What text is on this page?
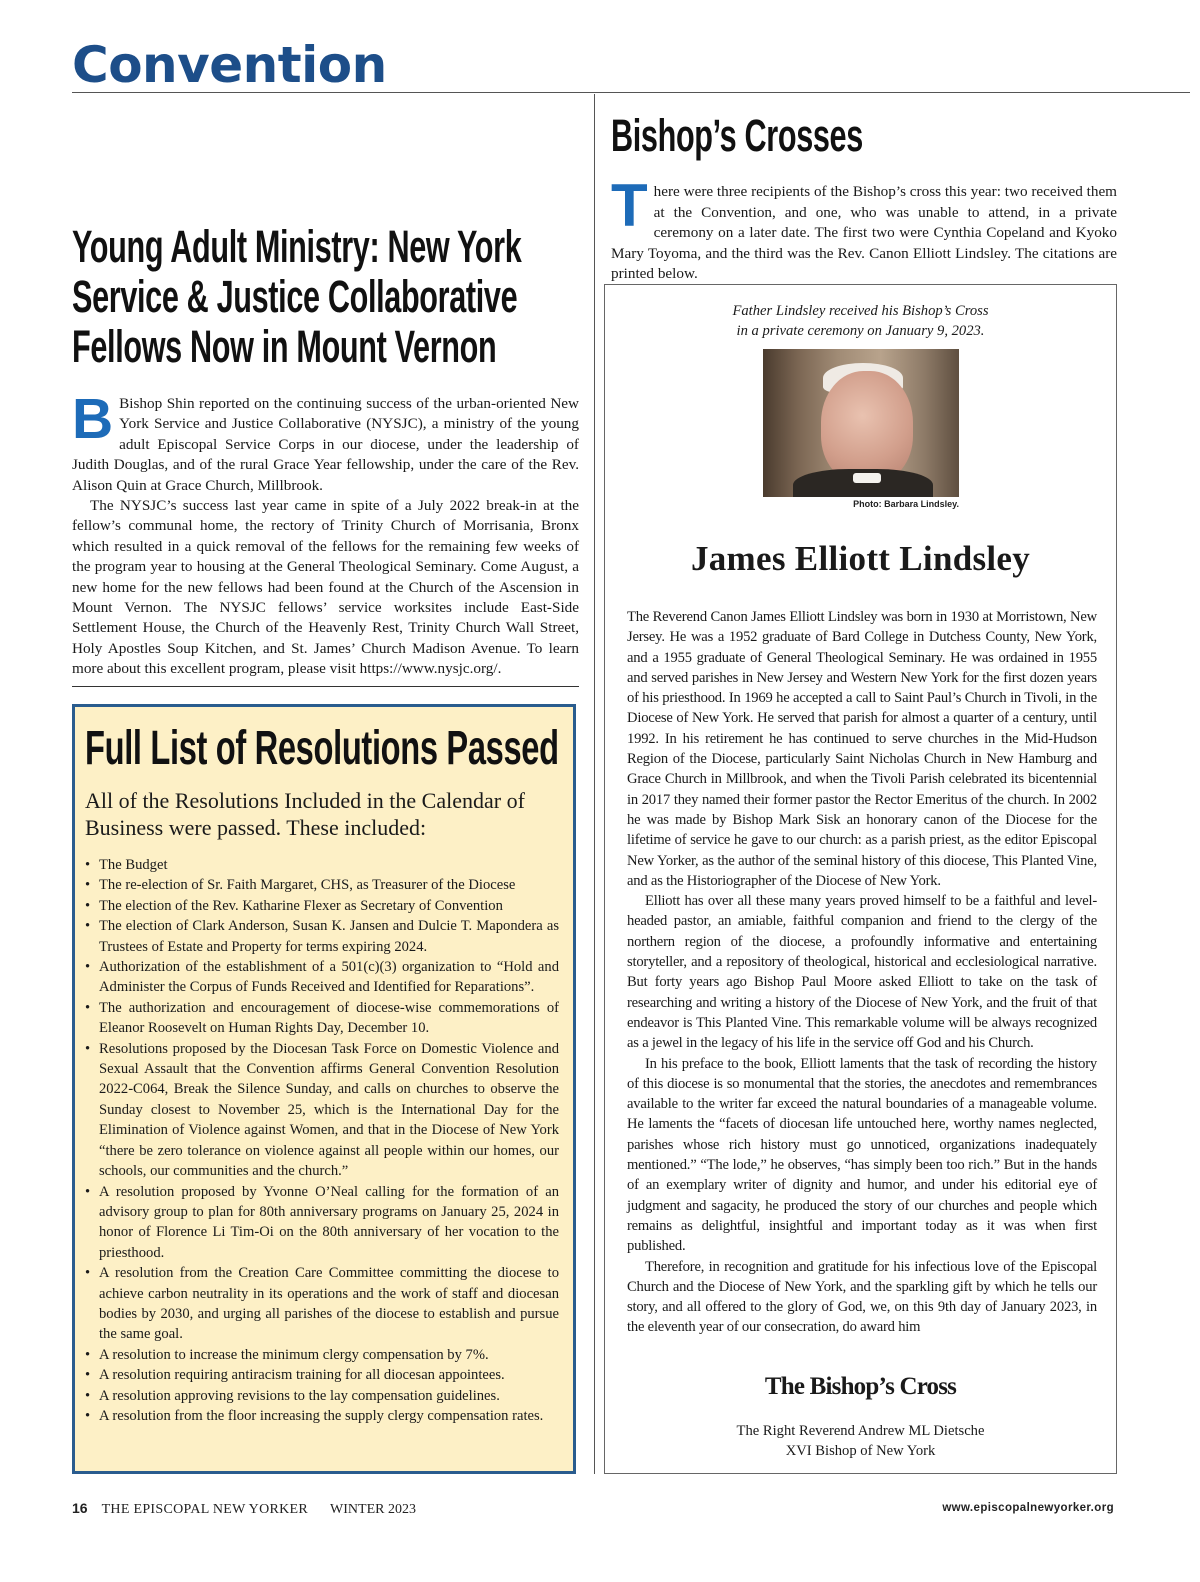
Convention
Young Adult Ministry: New York
Service & Justice Collaborative
Fellows Now in Mount Vernon

B Bishop Shin reported on the continuing success of the urban-oriented New York Service and Justice Collaborative (NYSJC), a ministry of the young adult Episcopal Service Corps in our diocese, under the leadership of Judith Douglas, and of the rural Grace Year fellowship, under the care of the Rev. Alison Quin at Grace Church, Millbrook.

The NYSJC’s success last year came in spite of a July 2022 break-in at the fellow’s communal home, the rectory of Trinity Church of Morrisania, Bronx which resulted in a quick removal of the fellows for the remaining few weeks of the program year to housing at the General Theological Seminary. Come August, a new home for the new fellows had been found at the Church of the Ascension in Mount Vernon. The NYSJC fellows’ service worksites include East-Side Settlement House, the Church of the Heavenly Rest, Trinity Church Wall Street, Holy Apostles Soup Kitchen, and St. James’ Church Madison Avenue. To learn more about this excellent program, please visit https://www.nysjc.org/.

Full List of Resolutions Passed
All of the Resolutions Included in the Calendar of Business were passed. These included:
• The Budget
• The re-election of Sr. Faith Margaret, CHS, as Treasurer of the Diocese
• The election of the Rev. Katharine Flexer as Secretary of Convention
• The election of Clark Anderson, Susan K. Jansen and Dulcie T. Mapondera as Trustees of Estate and Property for terms expiring 2024.
• Authorization of the establishment of a 501(c)(3) organization to “Hold and Administer the Corpus of Funds Received and Identified for Reparations”.
• The authorization and encouragement of diocese-wise commemorations of Eleanor Roosevelt on Human Rights Day, December 10.
• Resolutions proposed by the Diocesan Task Force on Domestic Violence and Sexual Assault that the Convention affirms General Convention Resolution 2022-C064, Break the Silence Sunday, and calls on churches to observe the Sunday closest to November 25, which is the International Day for the Elimination of Violence against Women, and that in the Diocese of New York “there be zero tolerance on violence against all people within our homes, our schools, our communities and the church.”
• A resolution proposed by Yvonne O’Neal calling for the formation of an advisory group to plan for 80th anniversary programs on January 25, 2024 in honor of Florence Li Tim-Oi on the 80th anniversary of her vocation to the priesthood.
• A resolution from the Creation Care Committee committing the diocese to achieve carbon neutrality in its operations and the work of staff and diocesan bodies by 2030, and urging all parishes of the diocese to establish and pursue the same goal.
• A resolution to increase the minimum clergy compensation by 7%.
• A resolution requiring antiracism training for all diocesan appointees.
• A resolution approving revisions to the lay compensation guidelines.
• A resolution from the floor increasing the supply clergy compensation rates.
Bishop’s Crosses

There were three recipients of the Bishop’s cross this year: two received them at the Convention, and one, who was unable to attend, in a private ceremony on a later date. The first two were Cynthia Copeland and Kyoko Mary Toyoma, and the third was the Rev. Canon Elliott Lindsley. The citations are printed below.

Father Lindsley received his Bishop’s Cross
in a private ceremony on January 9, 2023.
Photo: Barbara Lindsley.
James Elliott Lindsley

The Reverend Canon James Elliott Lindsley was born in 1930 at Morristown, New Jersey. He was a 1952 graduate of Bard College in Dutchess County, New York, and a 1955 graduate of General Theological Seminary. He was ordained in 1955 and served parishes in New Jersey and Western New York for the first dozen years of his priesthood. In 1969 he accepted a call to Saint Paul’s Church in Tivoli, in the Diocese of New York. He served that parish for almost a quarter of a century, until 1992. In his retirement he has continued to serve churches in the Mid-Hudson Region of the Diocese, particularly Saint Nicholas Church in New Hamburg and Grace Church in Millbrook, and when the Tivoli Parish celebrated its bicentennial in 2017 they named their former pastor the Rector Emeritus of the church. In 2002 he was made by Bishop Mark Sisk an honorary canon of the Diocese for the lifetime of service he gave to our church: as a parish priest, as the editor Episcopal New Yorker, as the author of the seminal history of this diocese, This Planted Vine, and as the Historiographer of the Diocese of New York.

Elliott has over all these many years proved himself to be a faithful and level-headed pastor, an amiable, faithful companion and friend to the clergy of the northern region of the diocese, a profoundly informative and entertaining storyteller, and a repository of theological, historical and ecclesiological narrative. But forty years ago Bishop Paul Moore asked Elliott to take on the task of researching and writing a history of the Diocese of New York, and the fruit of that endeavor is This Planted Vine. This remarkable volume will be always recognized as a jewel in the legacy of his life in the service off God and his Church.

In his preface to the book, Elliott laments that the task of recording the history of this diocese is so monumental that the stories, the anecdotes and remembrances available to the writer far exceed the natural boundaries of a manageable volume. He laments the “facets of diocesan life untouched here, worthy names neglected, parishes whose rich history must go unnoticed, organizations inadequately mentioned.” “The lode,” he observes, “has simply been too rich.” But in the hands of an exemplary writer of dignity and humor, and under his editorial eye of judgment and sagacity, he produced the story of our churches and people which remains as delightful, insightful and important today as it was when first published.

Therefore, in recognition and gratitude for his infectious love of the Episcopal Church and the Diocese of New York, and the sparkling gift by which he tells our story, and all offered to the glory of God, we, on this 9th day of January 2023, in the eleventh year of our consecration, do award him

The Bishop’s Cross
The Right Reverend Andrew ML Dietsche
XVI Bishop of New York
16 THE EPISCOPAL NEW YORKER WINTER 2023	www.episcopalnewyorker.org
